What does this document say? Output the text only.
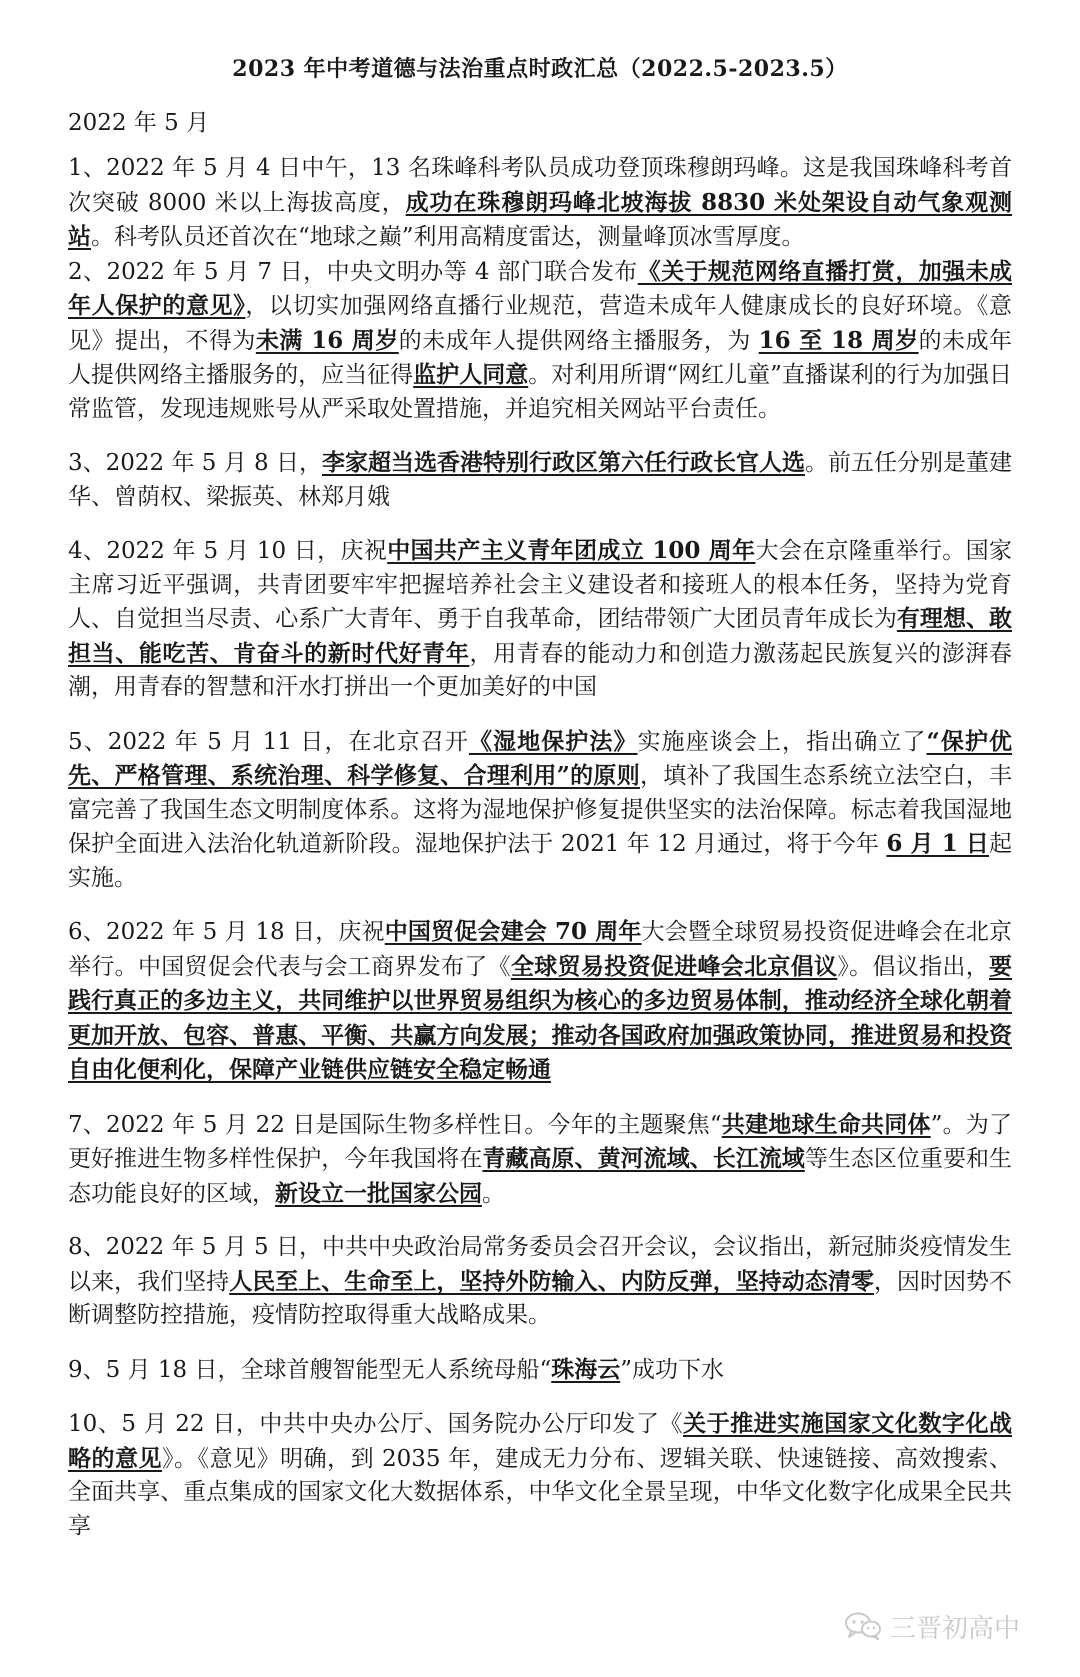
2023 年中考道德与法治重点时政汇总（2022.5-2023.5）
2022 年 5 月

1、2022 年 5 月 4 日中午，13 名珠峰科考队员成功登顶珠穆朗玛峰。这是我国珠峰科考首次突破 8000 米以上海拔高度，成功在珠穆朗玛峰北坡海拔 8830 米处架设自动气象观测站。科考队员还首次在“地球之巅”利用高精度雷达，测量峰顶冰雪厚度。

2、2022 年 5 月 7 日，中央文明办等 4 部门联合发布《关于规范网络直播打赏，加强未成年人保护的意见》，以切实加强网络直播行业规范，营造未成年人健康成长的良好环境。《意见》提出，不得为未满 16 周岁的未成年人提供网络主播服务，为 16 至 18 周岁的未成年人提供网络主播服务的，应当征得监护人同意。对利用所谓“网红儿童”直播谋利的行为加强日常监管，发现违规账号从严采取处置措施，并追究相关网站平台责任。

3、2022 年 5 月 8 日，李家超当选香港特别行政区第六任行政长官人选。前五任分别是董建华、曾荫权、梁振英、林郑月娥

4、2022 年 5 月 10 日，庆祝中国共产主义青年团成立 100 周年大会在京隆重举行。国家主席习近平强调，共青团要牢牢把握培养社会主义建设者和接班人的根本任务，坚持为党育人、自觉担当尽责、心系广大青年、勇于自我革命，团结带领广大团员青年成长为有理想、敢担当、能吃苦、肯奋斗的新时代好青年，用青春的能动力和创造力激荡起民族复兴的澎湃春潮，用青春的智慧和汗水打拼出一个更加美好的中国

5、2022 年 5 月 11 日，在北京召开《湿地保护法》实施座谈会上，指出确立了“保护优先、严格管理、系统治理、科学修复、合理利用”的原则，填补了我国生态系统立法空白，丰富完善了我国生态文明制度体系。这将为湿地保护修复提供坚实的法治保障。标志着我国湿地保护全面进入法治化轨道新阶段。湿地保护法于 2021 年 12 月通过，将于今年 6 月 1 日起实施。

6、2022 年 5 月 18 日，庆祝中国贸促会建会 70 周年大会暨全球贸易投资促进峰会在北京举行。中国贸促会代表与会工商界发布了《全球贸易投资促进峰会北京倡议》。倡议指出，要践行真正的多边主义，共同维护以世界贸易组织为核心的多边贸易体制，推动经济全球化朝着更加开放、包容、普惠、平衡、共赢方向发展；推动各国政府加强政策协同，推进贸易和投资自由化便利化，保障产业链供应链安全稳定畅通

7、2022 年 5 月 22 日是国际生物多样性日。今年的主题聚焦“共建地球生命共同体”。为了更好推进生物多样性保护，今年我国将在青藏高原、黄河流域、长江流域等生态区位重要和生态功能良好的区域，新设立一批国家公园。

8、2022 年 5 月 5 日，中共中央政治局常务委员会召开会议，会议指出，新冠肺炎疫情发生以来，我们坚持人民至上、生命至上，坚持外防输入、内防反弹，坚持动态清零，因时因势不断调整防控措施，疫情防控取得重大战略成果。

9、5 月 18 日，全球首艘智能型无人系统母船“珠海云”成功下水

10、5 月 22 日，中共中央办公厅、国务院办公厅印发了《关于推进实施国家文化数字化战略的意见》。《意见》明确，到 2035 年，建成无力分布、逻辑关联、快速链接、高效搜索、全面共享、重点集成的国家文化大数据体系，中华文化全景呈现，中华文化数字化成果全民共享

三晋初高中
